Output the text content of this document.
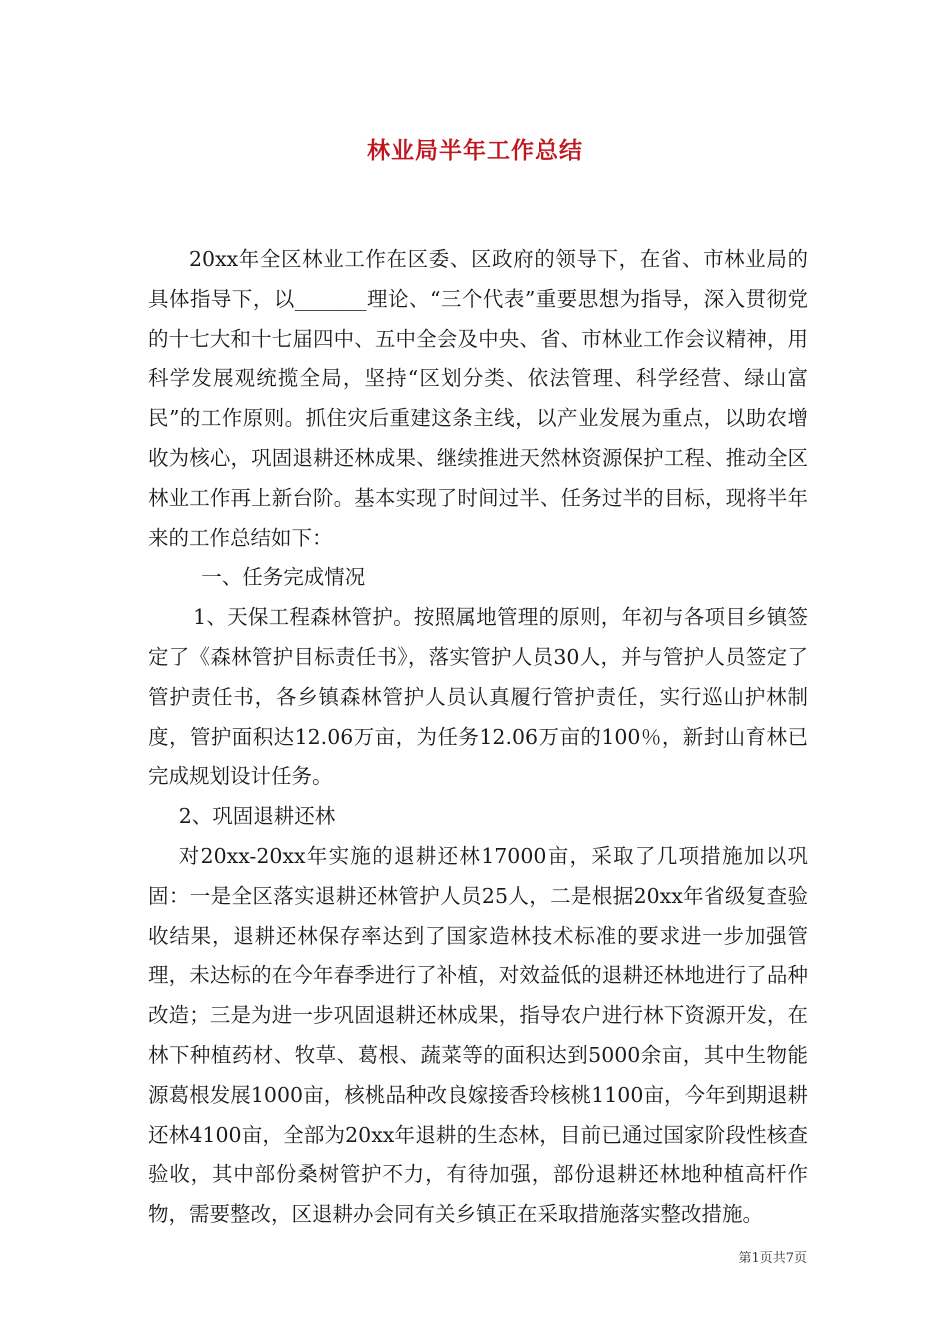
林业局半年工作总结

20xx年全区林业工作在区委、区政府的领导下，在省、市林业局的具体指导下，以_______理论、“三个代表”重要思想为指导，深入贯彻党的十七大和十七届四中、五中全会及中央、省、市林业工作会议精神，用科学发展观统揽全局，坚持“区划分类、依法管理、科学经营、绿山富民”的工作原则。抓住灾后重建这条主线，以产业发展为重点，以助农增收为核心，巩固退耕还林成果、继续推进天然林资源保护工程、推动全区林业工作再上新台阶。基本实现了时间过半、任务过半的目标，现将半年来的工作总结如下：

一、任务完成情况

1、天保工程森林管护。按照属地管理的原则，年初与各项目乡镇签定了《森林管护目标责任书》，落实管护人员30人，并与管护人员签定了管护责任书，各乡镇森林管护人员认真履行管护责任，实行巡山护林制度，管护面积达12.06万亩，为任务12.06万亩的100％，新封山育林已完成规划设计任务。

2、巩固退耕还林

对20xx-20xx年实施的退耕还林17000亩，采取了几项措施加以巩固：一是全区落实退耕还林管护人员25人，二是根据20xx年省级复查验收结果，退耕还林保存率达到了国家造林技术标准的要求进一步加强管理，未达标的在今年春季进行了补植，对效益低的退耕还林地进行了品种改造；三是为进一步巩固退耕还林成果，指导农户进行林下资源开发，在林下种植药材、牧草、葛根、蔬菜等的面积达到5000余亩，其中生物能源葛根发展1000亩，核桃品种改良嫁接香玲核桃1100亩，今年到期退耕还林4100亩，全部为20xx年退耕的生态林，目前已通过国家阶段性核查验收，其中部份桑树管护不力，有待加强，部份退耕还林地种植高杆作物，需要整改，区退耕办会同有关乡镇正在采取措施落实整改措施。

第1页共7页
